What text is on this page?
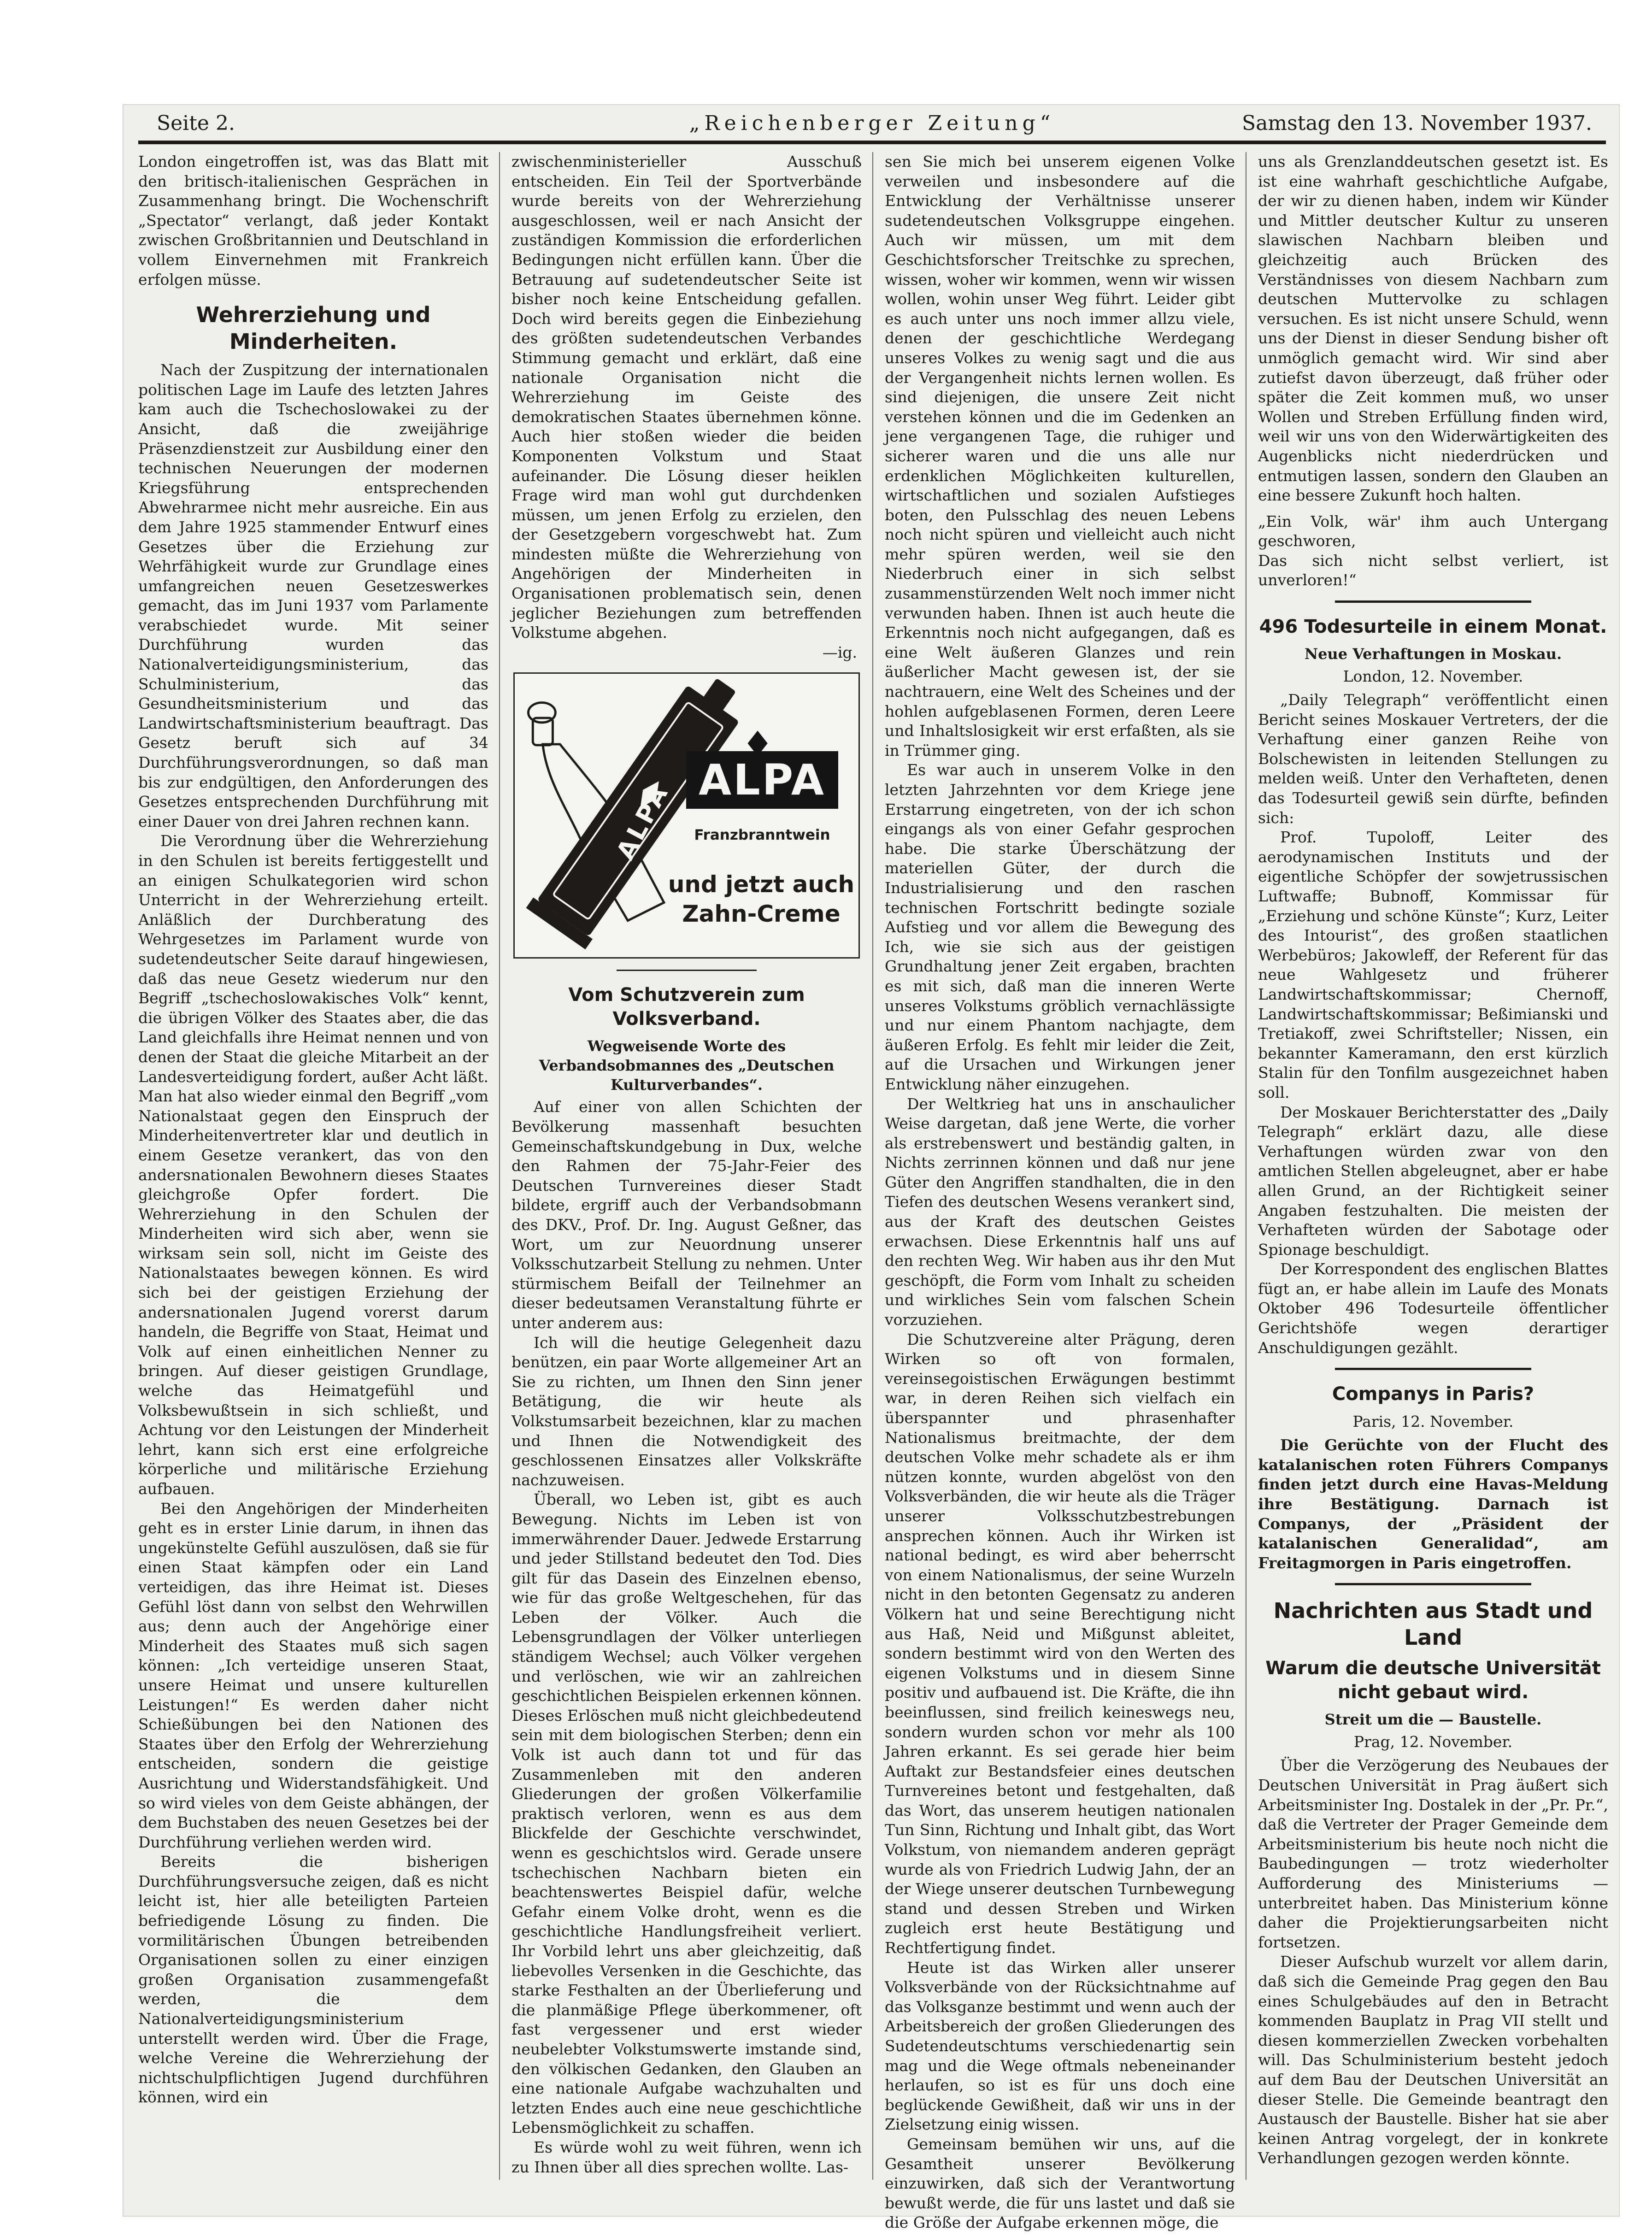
Seite 2.	„Reichenberger Zeitung“	Samstag den 13. November 1937.

London eingetroffen ist, was das Blatt mit den britisch-italienischen Gesprächen in Zusammenhang bringt. Die Wochenschrift „Spectator“ verlangt, daß jeder Kontakt zwischen Großbritannien und Deutschland in vollem Einvernehmen mit Frankreich erfolgen müsse.

Wehrerziehung und Minderheiten.

Nach der Zuspitzung der internationalen politischen Lage im Laufe des letzten Jahres kam auch die Tschechoslowakei zu der Ansicht, daß die zweijährige Präsenzdienstzeit zur Ausbildung einer den technischen Neuerungen der modernen Kriegsführung entsprechenden Abwehrarmee nicht mehr ausreiche. Ein aus dem Jahre 1925 stammender Entwurf eines Gesetzes über die Erziehung zur Wehrfähigkeit wurde zur Grundlage eines umfangreichen neuen Gesetzeswerkes gemacht, das im Juni 1937 vom Parlamente verabschiedet wurde. Mit seiner Durchführung wurden das Nationalverteidigungsministerium, das Schulministerium, das Gesundheitsministerium und das Landwirtschaftsministerium beauftragt. Das Gesetz beruft sich auf 34 Durchführungsverordnungen, so daß man bis zur endgültigen, den Anforderungen des Gesetzes entsprechenden Durchführung mit einer Dauer von drei Jahren rechnen kann.

Die Verordnung über die Wehrerziehung in den Schulen ist bereits fertiggestellt und an einigen Schulkategorien wird schon Unterricht in der Wehrerziehung erteilt. Anläßlich der Durchberatung des Wehrgesetzes im Parlament wurde von sudetendeutscher Seite darauf hingewiesen, daß das neue Gesetz wiederum nur den Begriff „tschechoslowakisches Volk“ kennt, die übrigen Völker des Staates aber, die das Land gleichfalls ihre Heimat nennen und von denen der Staat die gleiche Mitarbeit an der Landesverteidigung fordert, außer Acht läßt. Man hat also wieder einmal den Begriff „vom Nationalstaat gegen den Einspruch der Minderheitenvertreter klar und deutlich in einem Gesetze verankert, das von den andersnationalen Bewohnern dieses Staates gleichgroße Opfer fordert. Die Wehrerziehung in den Schulen der Minderheiten wird sich aber, wenn sie wirksam sein soll, nicht im Geiste des Nationalstaates bewegen können. Es wird sich bei der geistigen Erziehung der andersnationalen Jugend vorerst darum handeln, die Begriffe von Staat, Heimat und Volk auf einen einheitlichen Nenner zu bringen. Auf dieser geistigen Grundlage, welche das Heimatgefühl und Volksbewußtsein in sich schließt, und Achtung vor den Leistungen der Minderheit lehrt, kann sich erst eine erfolgreiche körperliche und militärische Erziehung aufbauen.

Bei den Angehörigen der Minderheiten geht es in erster Linie darum, in ihnen das ungekünstelte Gefühl auszulösen, daß sie für einen Staat kämpfen oder ein Land verteidigen, das ihre Heimat ist. Dieses Gefühl löst dann von selbst den Wehrwillen aus; denn auch der Angehörige einer Minderheit des Staates muß sich sagen können: „Ich verteidige unseren Staat, unsere Heimat und unsere kulturellen Leistungen!“ Es werden daher nicht Schießübungen bei den Nationen des Staates über den Erfolg der Wehrerziehung entscheiden, sondern die geistige Ausrichtung und Widerstandsfähigkeit. Und so wird vieles von dem Geiste abhängen, der dem Buchstaben des neuen Gesetzes bei der Durchführung verliehen werden wird.

Bereits die bisherigen Durchführungsversuche zeigen, daß es nicht leicht ist, hier alle beteiligten Parteien befriedigende Lösung zu finden. Die vormilitärischen Übungen betreibenden Organisationen sollen zu einer einzigen großen Organisation zusammengefaßt werden, die dem Nationalverteidigungsministerium unterstellt werden wird. Über die Frage, welche Vereine die Wehrerziehung der nichtschulpflichtigen Jugend durchführen können, wird ein

zwischenministerieller Ausschuß entscheiden. Ein Teil der Sportverbände wurde bereits von der Wehrerziehung ausgeschlossen, weil er nach Ansicht der zuständigen Kommission die erforderlichen Bedingungen nicht erfüllen kann. Über die Betrauung auf sudetendeutscher Seite ist bisher noch keine Entscheidung gefallen. Doch wird bereits gegen die Einbeziehung des größten sudetendeutschen Verbandes Stimmung gemacht und erklärt, daß eine nationale Organisation nicht die Wehrerziehung im Geiste des demokratischen Staates übernehmen könne. Auch hier stoßen wieder die beiden Komponenten Volkstum und Staat aufeinander. Die Lösung dieser heiklen Frage wird man wohl gut durchdenken müssen, um jenen Erfolg zu erzielen, den der Gesetzgebern vorgeschwebt hat. Zum mindesten müßte die Wehrerziehung von Angehörigen der Minderheiten in Organisationen problematisch sein, denen jeglicher Beziehungen zum betreffenden Volkstume abgehen.

—ig.
ALPA ALPA
Franzbranntwein
und jetzt auch Zahn-Creme
Vom Schutzverein zum Volksverband.
Wegweisende Worte des Verbandsobmannes des „Deutschen Kulturverbandes“.

Auf einer von allen Schichten der Bevölkerung massenhaft besuchten Gemeinschaftskundgebung in Dux, welche den Rahmen der 75-Jahr-Feier des Deutschen Turnvereines dieser Stadt bildete, ergriff auch der Verbandsobmann des DKV., Prof. Dr. Ing. August Geßner, das Wort, um zur Neuordnung unserer Volksschutzarbeit Stellung zu nehmen. Unter stürmischem Beifall der Teilnehmer an dieser bedeutsamen Veranstaltung führte er unter anderem aus:

Ich will die heutige Gelegenheit dazu benützen, ein paar Worte allgemeiner Art an Sie zu richten, um Ihnen den Sinn jener Betätigung, die wir heute als Volkstumsarbeit bezeichnen, klar zu machen und Ihnen die Notwendigkeit des geschlossenen Einsatzes aller Volkskräfte nachzuweisen.

Überall, wo Leben ist, gibt es auch Bewegung. Nichts im Leben ist von immerwährender Dauer. Jedwede Erstarrung und jeder Stillstand bedeutet den Tod. Dies gilt für das Dasein des Einzelnen ebenso, wie für das große Weltgeschehen, für das Leben der Völker. Auch die Lebensgrundlagen der Völker unterliegen ständigem Wechsel; auch Völker vergehen und verlöschen, wie wir an zahlreichen geschichtlichen Beispielen erkennen können. Dieses Erlöschen muß nicht gleichbedeutend sein mit dem biologischen Sterben; denn ein Volk ist auch dann tot und für das Zusammenleben mit den anderen Gliederungen der großen Völkerfamilie praktisch verloren, wenn es aus dem Blickfelde der Geschichte verschwindet, wenn es geschichtslos wird. Gerade unsere tschechischen Nachbarn bieten ein beachtenswertes Beispiel dafür, welche Gefahr einem Volke droht, wenn es die geschichtliche Handlungsfreiheit verliert. Ihr Vorbild lehrt uns aber gleichzeitig, daß liebevolles Versenken in die Geschichte, das starke Festhalten an der Überlieferung und die planmäßige Pflege überkommener, oft fast vergessener und erst wieder neubelebter Volkstumswerte imstande sind, den völkischen Gedanken, den Glauben an eine nationale Aufgabe wachzuhalten und letzten Endes auch eine neue geschichtliche Lebensmöglichkeit zu schaffen.

Es würde wohl zu weit führen, wenn ich zu Ihnen über all dies sprechen wollte. Las-

sen Sie mich bei unserem eigenen Volke verweilen und insbesondere auf die Entwicklung der Verhältnisse unserer sudetendeutschen Volksgruppe eingehen. Auch wir müssen, um mit dem Geschichtsforscher Treitschke zu sprechen, wissen, woher wir kommen, wenn wir wissen wollen, wohin unser Weg führt. Leider gibt es auch unter uns noch immer allzu viele, denen der geschichtliche Werdegang unseres Volkes zu wenig sagt und die aus der Vergangenheit nichts lernen wollen. Es sind diejenigen, die unsere Zeit nicht verstehen können und die im Gedenken an jene vergangenen Tage, die ruhiger und sicherer waren und die uns alle nur erdenklichen Möglichkeiten kulturellen, wirtschaftlichen und sozialen Aufstieges boten, den Pulsschlag des neuen Lebens noch nicht spüren und vielleicht auch nicht mehr spüren werden, weil sie den Niederbruch einer in sich selbst zusammenstürzenden Welt noch immer nicht verwunden haben. Ihnen ist auch heute die Erkenntnis noch nicht aufgegangen, daß es eine Welt äußeren Glanzes und rein äußerlicher Macht gewesen ist, der sie nachtrauern, eine Welt des Scheines und der hohlen aufgeblasenen Formen, deren Leere und Inhaltslosigkeit wir erst erfaßten, als sie in Trümmer ging.

Es war auch in unserem Volke in den letzten Jahrzehnten vor dem Kriege jene Erstarrung eingetreten, von der ich schon eingangs als von einer Gefahr gesprochen habe. Die starke Überschätzung der materiellen Güter, der durch die Industrialisierung und den raschen technischen Fortschritt bedingte soziale Aufstieg und vor allem die Bewegung des Ich, wie sie sich aus der geistigen Grundhaltung jener Zeit ergaben, brachten es mit sich, daß man die inneren Werte unseres Volkstums gröblich vernachlässigte und nur einem Phantom nachjagte, dem äußeren Erfolg. Es fehlt mir leider die Zeit, auf die Ursachen und Wirkungen jener Entwicklung näher einzugehen.

Der Weltkrieg hat uns in anschaulicher Weise dargetan, daß jene Werte, die vorher als erstrebenswert und beständig galten, in Nichts zerrinnen können und daß nur jene Güter den Angriffen standhalten, die in den Tiefen des deutschen Wesens verankert sind, aus der Kraft des deutschen Geistes erwachsen. Diese Erkenntnis half uns auf den rechten Weg. Wir haben aus ihr den Mut geschöpft, die Form vom Inhalt zu scheiden und wirkliches Sein vom falschen Schein vorzuziehen.

Die Schutzvereine alter Prägung, deren Wirken so oft von formalen, vereinsegoistischen Erwägungen bestimmt war, in deren Reihen sich vielfach ein überspannter und phrasenhafter Nationalismus breitmachte, der dem deutschen Volke mehr schadete als er ihm nützen konnte, wurden abgelöst von den Volksverbänden, die wir heute als die Träger unserer Volksschutzbestrebungen ansprechen können. Auch ihr Wirken ist national bedingt, es wird aber beherrscht von einem Nationalismus, der seine Wurzeln nicht in den betonten Gegensatz zu anderen Völkern hat und seine Berechtigung nicht aus Haß, Neid und Mißgunst ableitet, sondern bestimmt wird von den Werten des eigenen Volkstums und in diesem Sinne positiv und aufbauend ist. Die Kräfte, die ihn beeinflussen, sind freilich keineswegs neu, sondern wurden schon vor mehr als 100 Jahren erkannt. Es sei gerade hier beim Auftakt zur Bestandsfeier eines deutschen Turnvereines betont und festgehalten, daß das Wort, das unserem heutigen nationalen Tun Sinn, Richtung und Inhalt gibt, das Wort Volkstum, von niemandem anderen geprägt wurde als von Friedrich Ludwig Jahn, der an der Wiege unserer deutschen Turnbewegung stand und dessen Streben und Wirken zugleich erst heute Bestätigung und Rechtfertigung findet.

Heute ist das Wirken aller unserer Volksverbände von der Rücksichtnahme auf das Volksganze bestimmt und wenn auch der Arbeitsbereich der großen Gliederungen des Sudetendeutschtums verschiedenartig sein mag und die Wege oftmals nebeneinander herlaufen, so ist es für uns doch eine beglückende Gewißheit, daß wir uns in der Zielsetzung einig wissen.

Gemeinsam bemühen wir uns, auf die Gesamtheit unserer Bevölkerung einzuwirken, daß sich der Verantwortung bewußt werde, die für uns lastet und daß sie die Größe der Aufgabe erkennen möge, die

uns als Grenzlanddeutschen gesetzt ist. Es ist eine wahrhaft geschichtliche Aufgabe, der wir zu dienen haben, indem wir Künder und Mittler deutscher Kultur zu unseren slawischen Nachbarn bleiben und gleichzeitig auch Brücken des Verständnisses von diesem Nachbarn zum deutschen Muttervolke zu schlagen versuchen. Es ist nicht unsere Schuld, wenn uns der Dienst in dieser Sendung bisher oft unmöglich gemacht wird. Wir sind aber zutiefst davon überzeugt, daß früher oder später die Zeit kommen muß, wo unser Wollen und Streben Erfüllung finden wird, weil wir uns von den Widerwärtigkeiten des Augenblicks nicht niederdrücken und entmutigen lassen, sondern den Glauben an eine bessere Zukunft hoch halten.

„Ein Volk, wär' ihm auch Untergang geschworen,

Das sich nicht selbst verliert, ist unverloren!“

496 Todesurteile in einem Monat.
Neue Verhaftungen in Moskau.
London, 12. November.

„Daily Telegraph“ veröffentlicht einen Bericht seines Moskauer Vertreters, der die Verhaftung einer ganzen Reihe von Bolschewisten in leitenden Stellungen zu melden weiß. Unter den Verhafteten, denen das Todesurteil gewiß sein dürfte, befinden sich:

Prof. Tupoloff, Leiter des aerodynamischen Instituts und der eigentliche Schöpfer der sowjetrussischen Luftwaffe; Bubnoff, Kommissar für „Erziehung und schöne Künste“; Kurz, Leiter des Intourist“, des großen staatlichen Werbebüros; Jakowleff, der Referent für das neue Wahlgesetz und früherer Landwirtschaftskommissar; Chernoff, Landwirtschaftskommissar; Beßimianski und Tretiakoff, zwei Schriftsteller; Nissen, ein bekannter Kameramann, den erst kürzlich Stalin für den Tonfilm ausgezeichnet haben soll.

Der Moskauer Berichterstatter des „Daily Telegraph“ erklärt dazu, alle diese Verhaftungen würden zwar von den amtlichen Stellen abgeleugnet, aber er habe allen Grund, an der Richtigkeit seiner Angaben festzuhalten. Die meisten der Verhafteten würden der Sabotage oder Spionage beschuldigt.

Der Korrespondent des englischen Blattes fügt an, er habe allein im Laufe des Monats Oktober 496 Todesurteile öffentlicher Gerichtshöfe wegen derartiger Anschuldigungen gezählt.

Companys in Paris?
Paris, 12. November.

Die Gerüchte von der Flucht des katalanischen roten Führers Companys finden jetzt durch eine Havas-Meldung ihre Bestätigung. Darnach ist Companys, der „Präsident der katalanischen Generalidad“, am Freitagmorgen in Paris eingetroffen.

Nachrichten aus Stadt und Land
Warum die deutsche Universität nicht gebaut wird.
Streit um die — Baustelle.
Prag, 12. November.

Über die Verzögerung des Neubaues der Deutschen Universität in Prag äußert sich Arbeitsminister Ing. Dostalek in der „Pr. Pr.“, daß die Vertreter der Prager Gemeinde dem Arbeitsministerium bis heute noch nicht die Baubedingungen — trotz wiederholter Aufforderung des Ministeriums — unterbreitet haben. Das Ministerium könne daher die Projektierungsarbeiten nicht fortsetzen.

Dieser Aufschub wurzelt vor allem darin, daß sich die Gemeinde Prag gegen den Bau eines Schulgebäudes auf den in Betracht kommenden Bauplatz in Prag VII stellt und diesen kommerziellen Zwecken vorbehalten will. Das Schulministerium besteht jedoch auf dem Bau der Deutschen Universität an dieser Stelle. Die Gemeinde beantragt den Austausch der Baustelle. Bisher hat sie aber keinen Antrag vorgelegt, der in konkrete Verhandlungen gezogen werden könnte.
